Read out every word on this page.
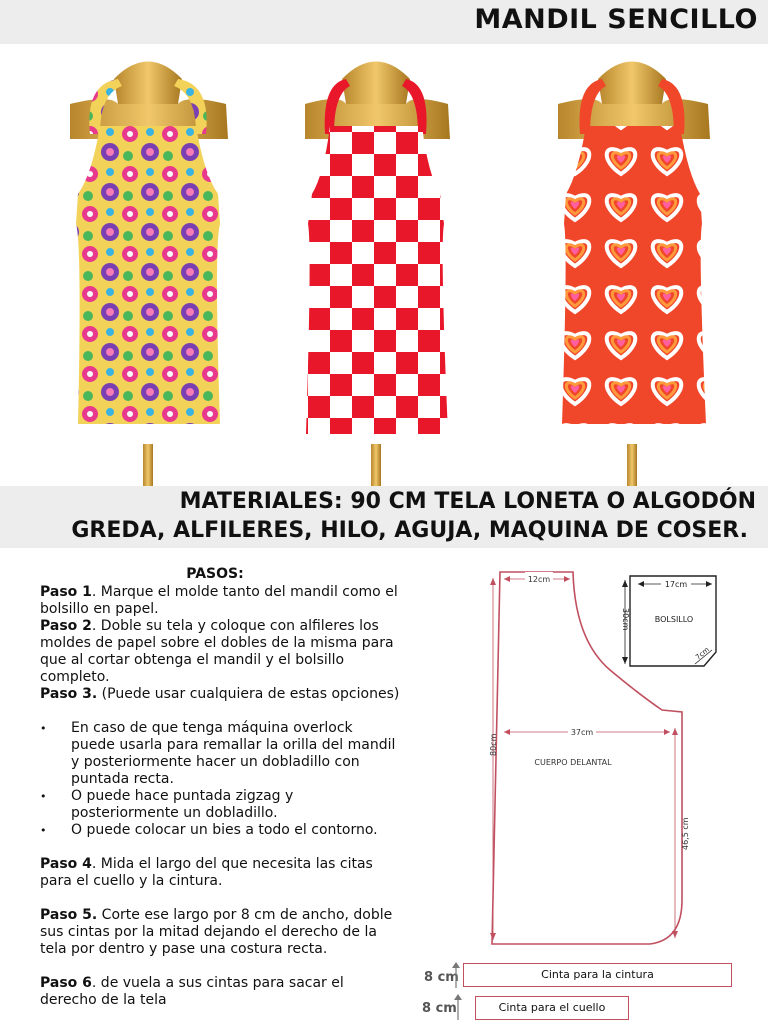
MANDIL SENCILLO
MATERIALES: 90 CM TELA LONETA O ALGODÓN
GREDA, ALFILERES, HILO, AGUJA, MAQUINA DE COSER.
PASOS:

Paso 1. Marque el molde tanto del mandil como el bolsillo en papel.

Paso 2. Doble su tela y coloque con alfileres los moldes de papel sobre el dobles de la misma para que al cortar obtenga el mandil y el bolsillo completo.

Paso 3. (Puede usar cualquiera de estas opciones)

• En caso de que tenga máquina overlock puede usarla para remallar la orilla del mandil y posteriormente hacer un dobladillo con puntada recta.
• O puede hace puntada zigzag y posteriormente un dobladillo.
• O puede colocar un bies a todo el contorno.

Paso 4. Mida el largo del que necesita las citas para el cuello y la cintura.

Paso 5. Corte ese largo por 8 cm de ancho, doble sus cintas por la mitad dejando el derecho de la tela por dentro y pase una costura recta.

Paso 6. de vuela a sus cintas para sacar el derecho de la tela

12cm
80cm
37cm
CUERPO DELANTAL
46,5 cm
17cm
30cm	BOLSILLO
7cm
8 cm	Cinta para la cintura
8 cm	Cinta para el cuello
